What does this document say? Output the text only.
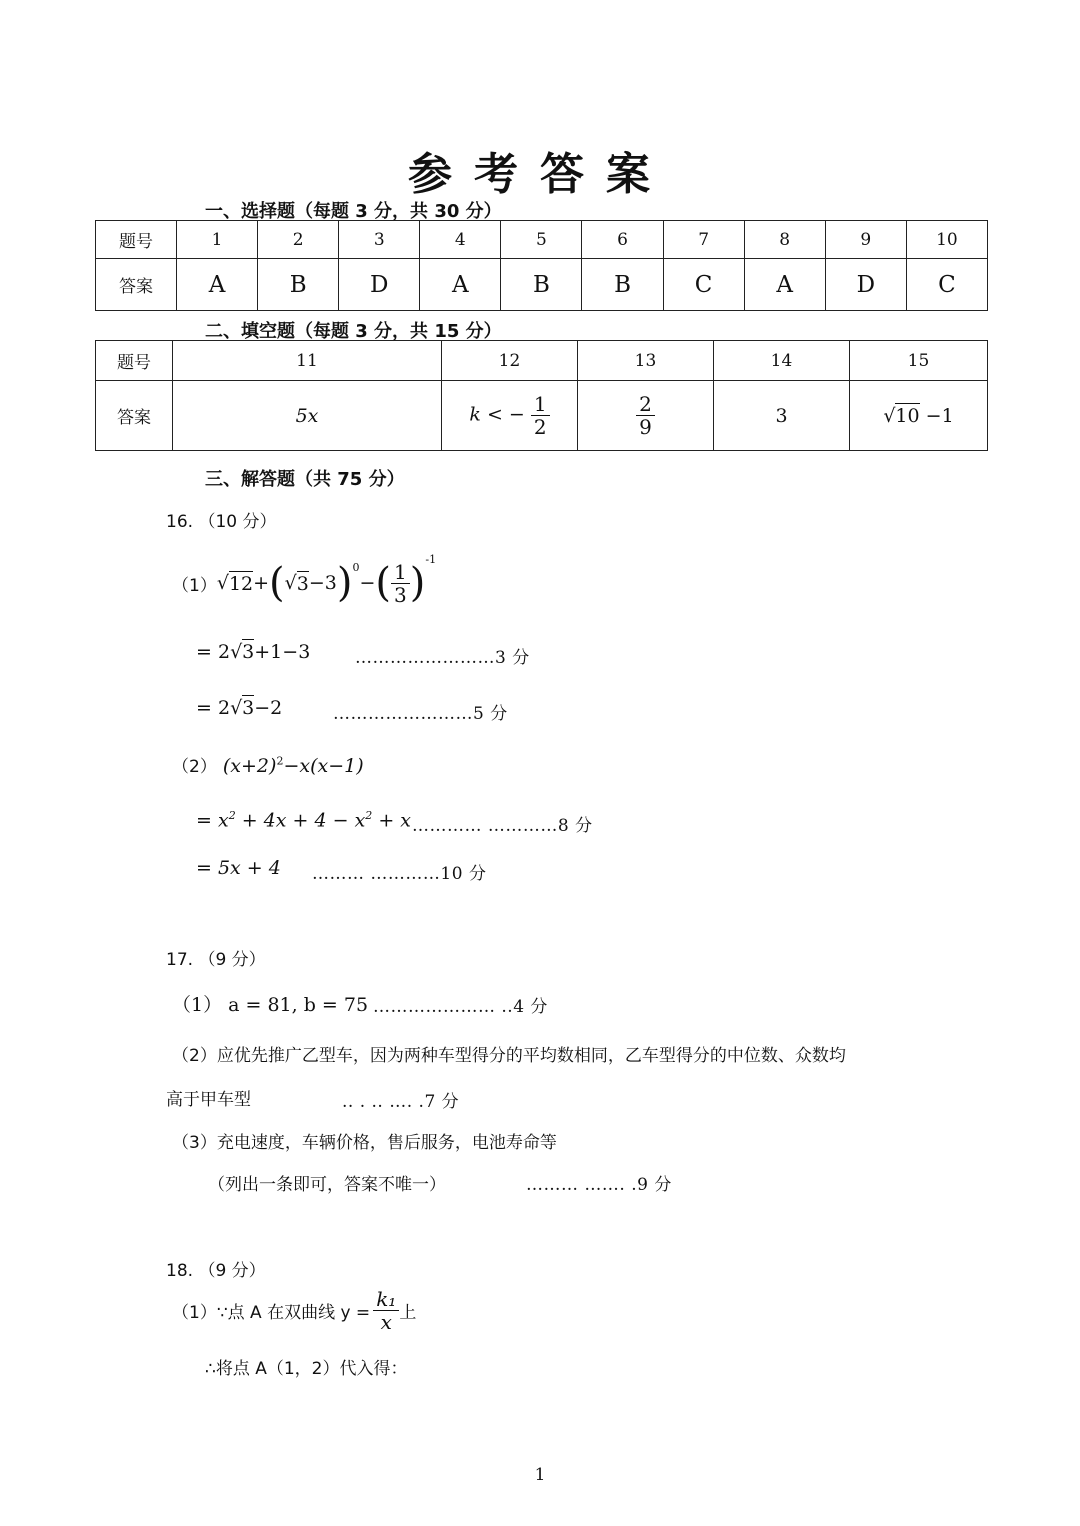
参考答案
一、选择题（每题 3 分，共 30 分）
题号	1	2	3	4	5	6	7	8	9	10
答案	A	B	D	A	B	B	C	A	D	C
二、填空题（每题 3 分，共 15 分）
题号	11	12	13	14	15
答案	5x	k < − $\frac{1}{2}$	$\frac{2}{9}$	3	√10 −1
三、解答题（共 75 分）
16. （10 分）
（1） √ 12 + ( √ 3 −3 )$^0$
− ( $\frac{1}{3}$ )
$^{-1}$
= 2√3+1−3	……………………3 分
= 2√3−2	……………………5 分
（2） $(x+2)^2-x(x-1)$
= $x^2 + 4x + 4 - x^2 + x$ ………… …………8 分
= 5x + 4 ……… …………10 分
17. （9 分）
（1） a = 81, b = 75 ………………… ..4 分
（2）应优先推广乙型车，因为两种车型得分的平均数相同，乙车型得分的中位数、众数均
高于甲车型	.. . .. …. .7 分
（3）充电速度，车辆价格，售后服务，电池寿命等
（列出一条即可，答案不唯一）	……… ……. .9 分
18. （9 分）
（1）∵点 A 在双曲线 $y = \frac{\text{k₁}}{x}$ 上
∴将点 A（1，2）代入得：
1
